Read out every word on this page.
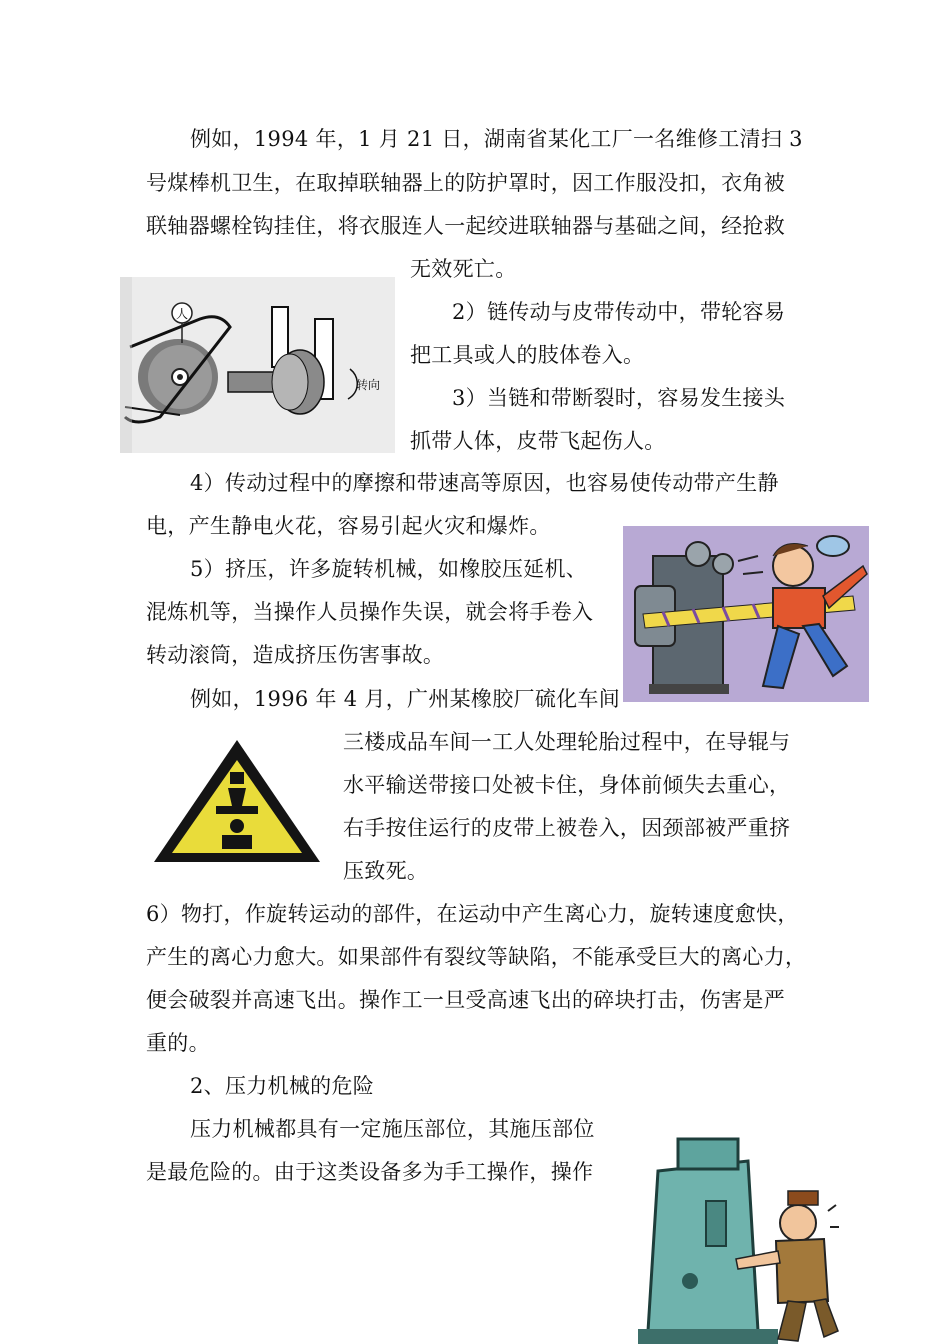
例如，1994 年，1 月 21 日，湖南省某化工厂一名维修工清扫 3
号煤棒机卫生，在取掉联轴器上的防护罩时，因工作服没扣，衣角被
联轴器螺栓钩挂住，将衣服连人一起绞进联轴器与基础之间，经抢救
无效死亡。
2）链传动与皮带传动中，带轮容易
把工具或人的肢体卷入。
3）当链和带断裂时，容易发生接头
抓带人体，皮带飞起伤人。
4）传动过程中的摩擦和带速高等原因，也容易使传动带产生静
电，产生静电火花，容易引起火灾和爆炸。
5）挤压，许多旋转机械，如橡胶压延机、
混炼机等，当操作人员操作失误，就会将手卷入
转动滚筒，造成挤压伤害事故。
例如，1996 年 4 月，广州某橡胶厂硫化车间
三楼成品车间一工人处理轮胎过程中，在导辊与
水平输送带接口处被卡住，身体前倾失去重心，
右手按住运行的皮带上被卷入，因颈部被严重挤
压致死。
6）物打，作旋转运动的部件，在运动中产生离心力，旋转速度愈快，
产生的离心力愈大。如果部件有裂纹等缺陷，不能承受巨大的离心力，
便会破裂并高速飞出。操作工一旦受高速飞出的碎块打击，伤害是严
重的。
2、压力机械的危险
压力机械都具有一定施压部位，其施压部位
是最危险的。由于这类设备多为手工操作，操作
人
转向
